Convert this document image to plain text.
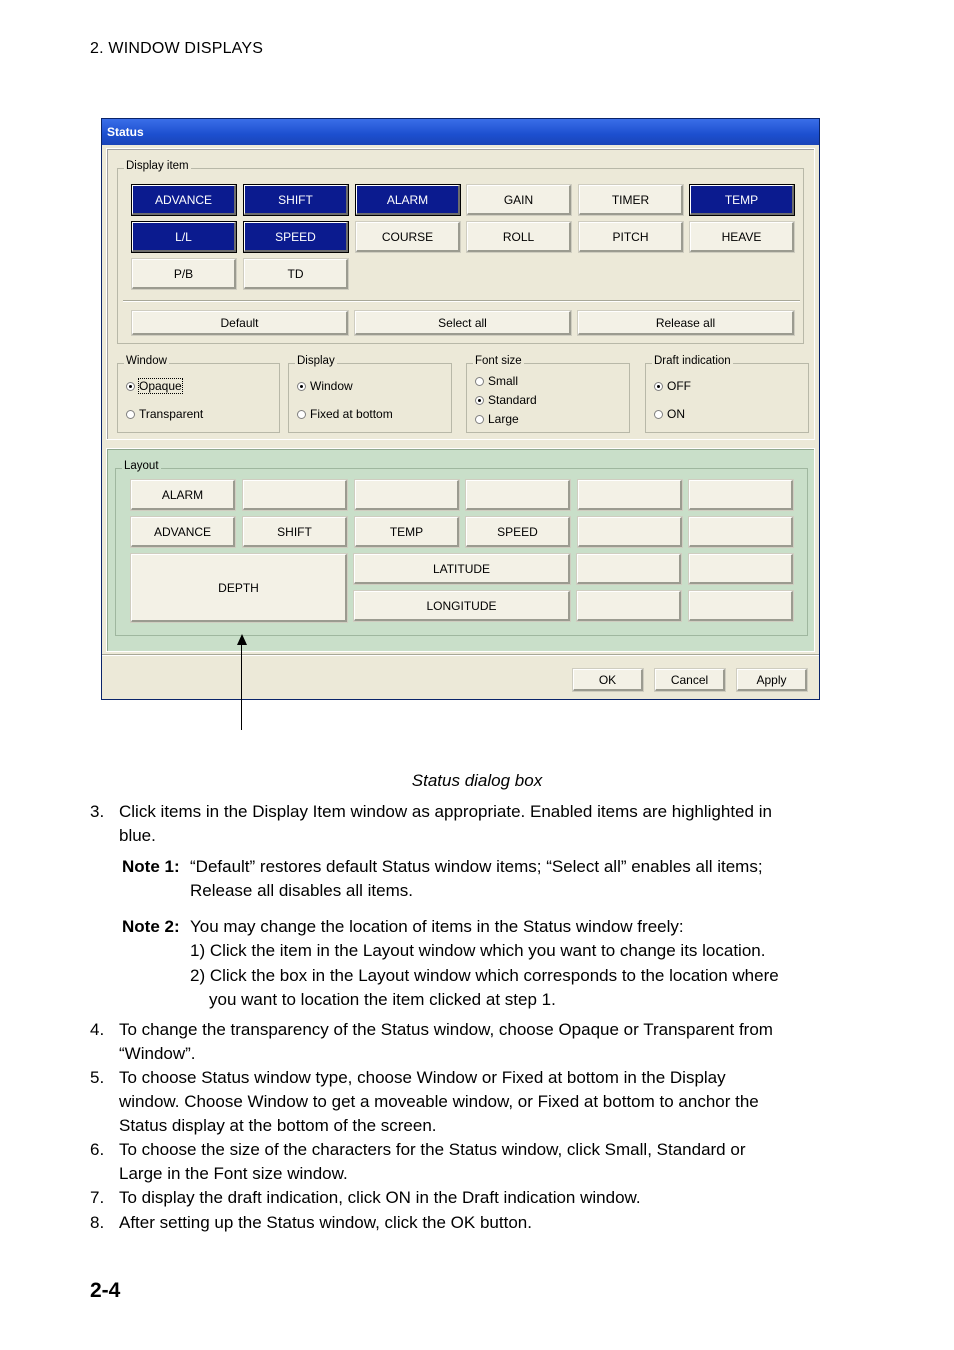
2. WINDOW DISPLAYS
Status
Display item
Default	Select all	Release all
Window
Opaque
Transparent
Display
Window
Fixed at bottom
Font size
Small
Standard
Large
Draft indication
OFF
ON
ADVANCE	SHIFT	ALARM	GAIN	TIMER	TEMP
L/L	SPEED	COURSE	ROLL	PITCH	HEAVE
P/B	TD
Layout
DEPTH
LATITUDE
LONGITUDE
ALARM
ADVANCE	SHIFT	TEMP	SPEED
OK	Cancel	Apply
Status dialog box
3. Click items in the Display Item window as appropriate. Enabled items are highlighted in
blue.
Note 1: “Default” restores default Status window items; “Select all” enables all items;
Release all disables all items.
Note 2: You may change the location of items in the Status window freely:
1) Click the item in the Layout window which you want to change its location.
2) Click the box in the Layout window which corresponds to the location where
you want to location the item clicked at step 1.
4. To change the transparency of the Status window, choose Opaque or Transparent from
“Window”.
5. To choose Status window type, choose Window or Fixed at bottom in the Display
window. Choose Window to get a moveable window, or Fixed at bottom to anchor the
Status display at the bottom of the screen.
6. To choose the size of the characters for the Status window, click Small, Standard or
Large in the Font size window.
7. To display the draft indication, click ON in the Draft indication window.
8. After setting up the Status window, click the OK button.
2-4
